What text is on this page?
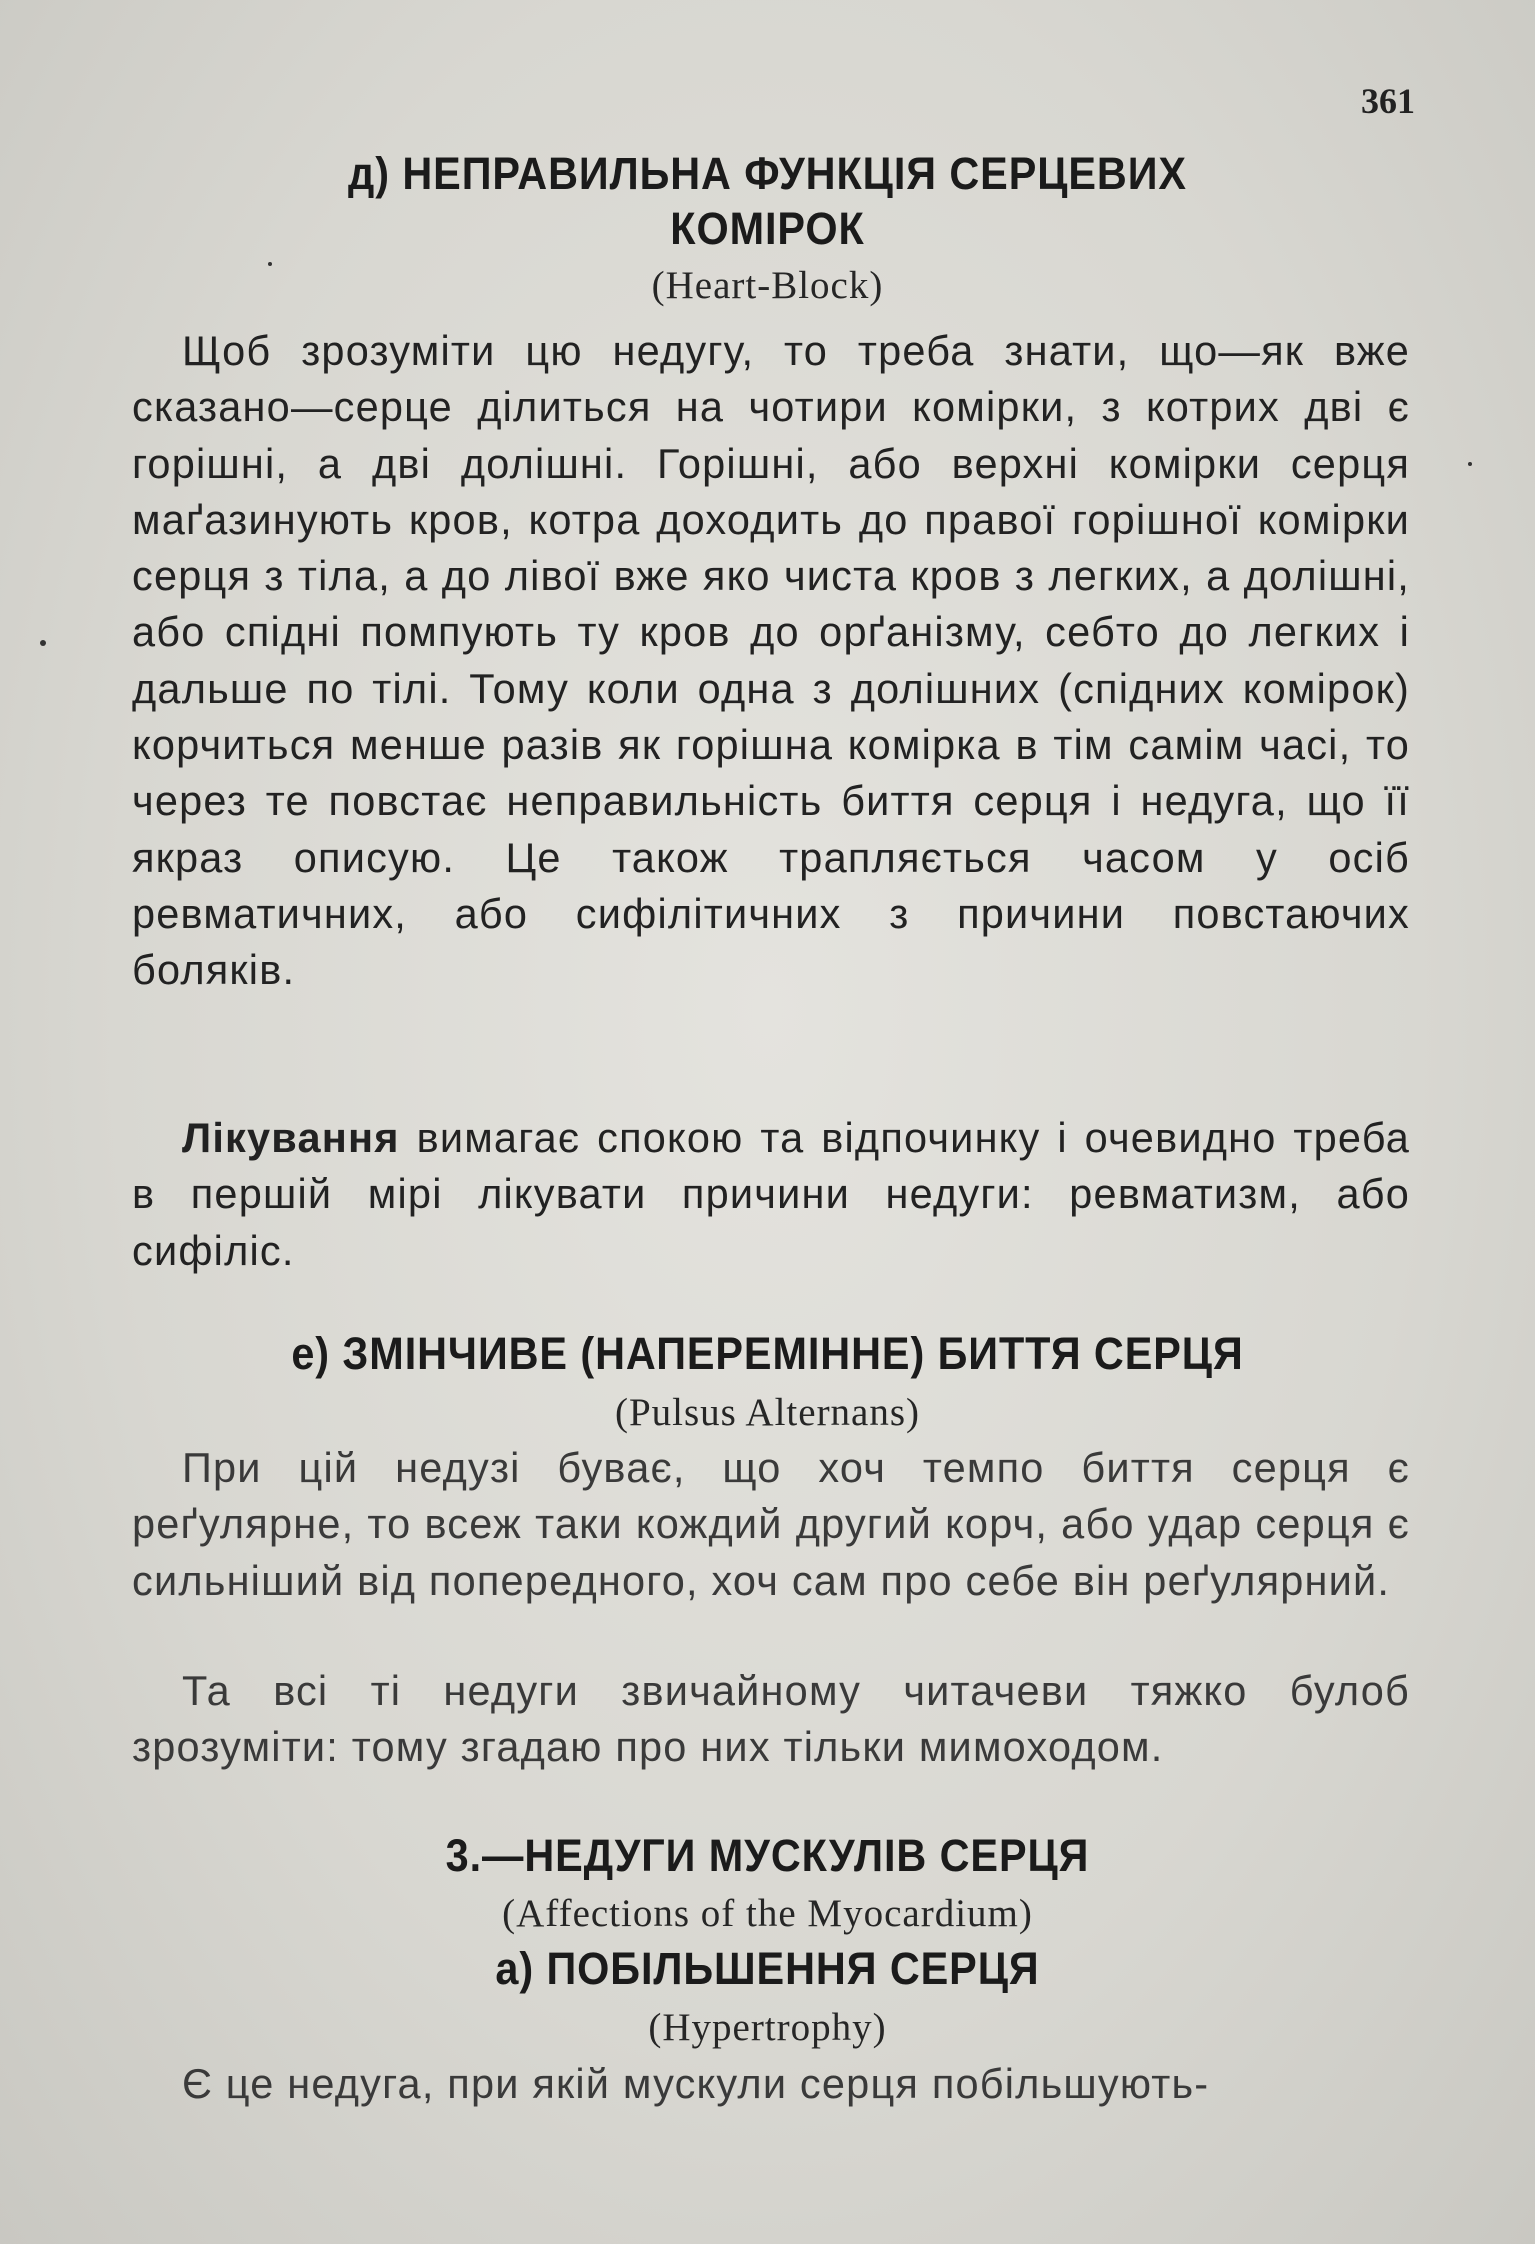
361
д) НЕПРАВИЛЬНА ФУНКЦІЯ СЕРЦЕВИХ
КОМІРОК
(Heart-Block)
Щоб зрозуміти цю недугу, то треба знати, що—як вже сказано—серце ділиться на чотири комірки, з котрих дві є горішні, а дві долішні. Горішні, або верхні комірки серця маґазинують кров, котра доходить до правої горішної комірки серця з тіла, а до лівої вже яко чиста кров з легких, а долішні, або спідні помпують ту кров до орґанізму, себто до легких і дальше по тілі. Тому коли одна з долішних (спідних комірок) корчиться менше разів як горішна комірка в тім самім часі, то через те повстає неправильність биття серця і недуга, що її якраз описую. Це також трапляється часом у осіб ревматичних, або сифілітичних з причини повстаючих боляків.
Лікування вимагає спокою та відпочинку і очевидно треба в першій мірі лікувати причини недуги: ревматизм, або сифіліс.
е) ЗМІНЧИВЕ (НАПЕРЕМІННЕ) БИТТЯ СЕРЦЯ
(Pulsus Alternans)
При цій недузі буває, що хоч темпо биття серця є реґулярне, то всеж таки кождий другий корч, або удар серця є сильніший від попередного, хоч сам про себе він реґулярний.
Та всі ті недуги звичайному читачеви тяжко булоб зрозуміти: тому згадаю про них тільки мимоходом.
3.—НЕДУГИ МУСКУЛІВ СЕРЦЯ
(Affections of the Myocardium)
а) ПОБІЛЬШЕННЯ СЕРЦЯ
(Hypertrophy)
Є це недуга, при якій мускули серця побільшують-
